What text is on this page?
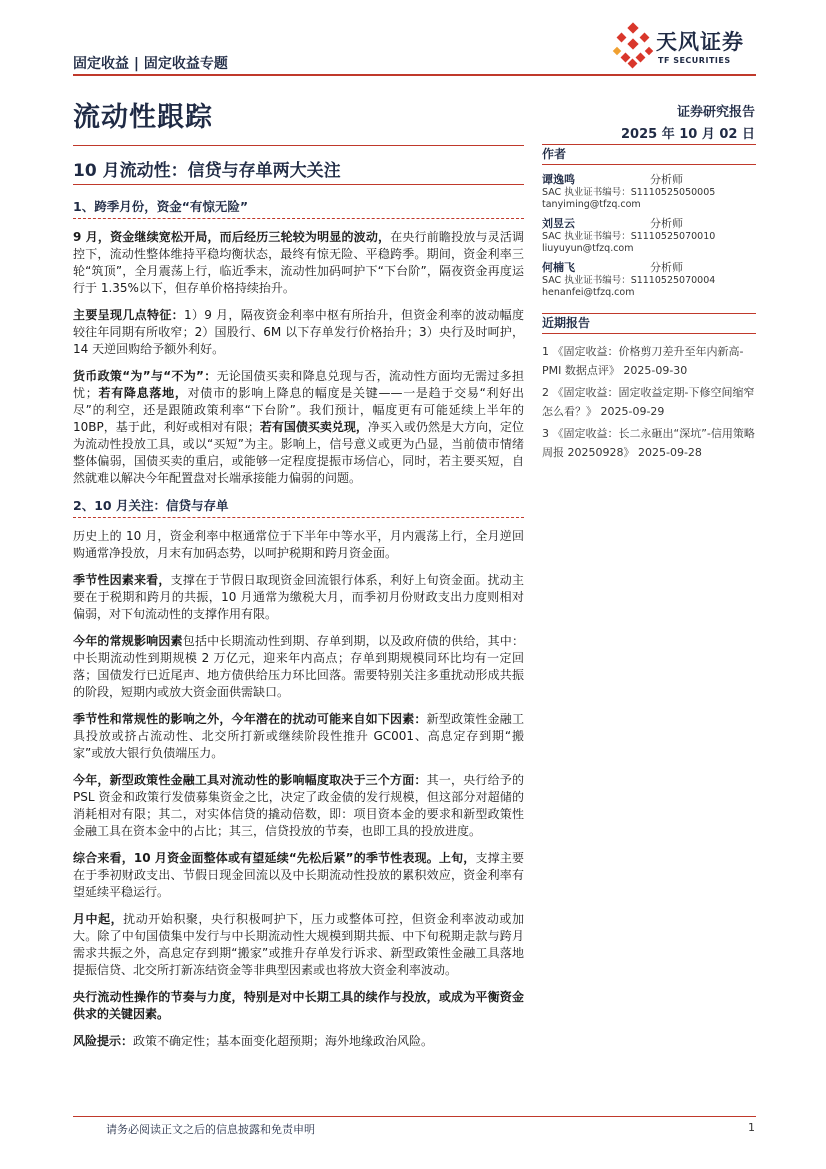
固定收益 | 固定收益专题
天风证券
TF SECURITIES
流动性跟踪	证券研究报告
2025 年 10 月 02 日
10 月流动性：信贷与存单两大关注
1、跨季月份，资金“有惊无险”

9 月，资金继续宽松开局，而后经历三轮较为明显的波动，在央行前瞻投放与灵活调控下，流动性整体维持平稳均衡状态，最终有惊无险、平稳跨季。期间，资金利率三轮“筑顶”，全月震荡上行，临近季末，流动性加码呵护下“下台阶”，隔夜资金再度运行于 1.35%以下，但存单价格持续抬升。

主要呈现几点特征：1）9 月，隔夜资金利率中枢有所抬升，但资金利率的波动幅度较往年同期有所收窄；2）国股行、6M 以下存单发行价格抬升；3）央行及时呵护，14 天逆回购给予额外利好。

货币政策“为”与“不为”：无论国债买卖和降息兑现与否，流动性方面均无需过多担忧；若有降息落地，对债市的影响上降息的幅度是关键——一是趋于交易“利好出尽”的利空，还是跟随政策利率“下台阶”。我们预计，幅度更有可能延续上半年的 10BP，基于此，利好或相对有限；若有国债买卖兑现，净买入或仍然是大方向，定位为流动性投放工具，或以“买短”为主。影响上，信号意义或更为凸显，当前债市情绪整体偏弱，国债买卖的重启，或能够一定程度提振市场信心，同时，若主要买短，自然就难以解决今年配置盘对长端承接能力偏弱的问题。

2、10 月关注：信贷与存单

历史上的 10 月，资金利率中枢通常位于下半年中等水平，月内震荡上行，全月逆回购通常净投放，月末有加码态势，以呵护税期和跨月资金面。

季节性因素来看，支撑在于节假日取现资金回流银行体系，利好上旬资金面。扰动主要在于税期和跨月的共振，10 月通常为缴税大月，而季初月份财政支出力度则相对偏弱，对下旬流动性的支撑作用有限。

今年的常规影响因素包括中长期流动性到期、存单到期，以及政府债的供给，其中：中长期流动性到期规模 2 万亿元，迎来年内高点；存单到期规模同环比均有一定回落；国债发行已近尾声、地方债供给压力环比回落。需要特别关注多重扰动形成共振的阶段，短期内或放大资金面供需缺口。

季节性和常规性的影响之外，今年潜在的扰动可能来自如下因素：新型政策性金融工具投放或挤占流动性、北交所打新或继续阶段性推升 GC001、高息定存到期“搬家”或放大银行负债端压力。

今年，新型政策性金融工具对流动性的影响幅度取决于三个方面：其一，央行给予的 PSL 资金和政策行发债募集资金之比，决定了政金债的发行规模，但这部分对超储的消耗相对有限；其二，对实体信贷的撬动倍数，即：项目资本金的要求和新型政策性金融工具在资本金中的占比；其三，信贷投放的节奏，也即工具的投放进度。

综合来看，10 月资金面整体或有望延续“先松后紧”的季节性表现。上旬，支撑主要在于季初财政支出、节假日现金回流以及中长期流动性投放的累积效应，资金利率有望延续平稳运行。

月中起，扰动开始积聚，央行积极呵护下，压力或整体可控，但资金利率波动或加大。除了中旬国债集中发行与中长期流动性大规模到期共振、中下旬税期走款与跨月需求共振之外，高息定存到期“搬家”或推升存单发行诉求、新型政策性金融工具落地提振信贷、北交所打新冻结资金等非典型因素或也将放大资金利率波动。

央行流动性操作的节奏与力度，特别是对中长期工具的续作与投放，或成为平衡资金供求的关键因素。

风险提示：政策不确定性；基本面变化超预期；海外地缘政治风险。

作者
谭逸鸣	分析师
SAC 执业证书编号：S1110525050005
tanyiming@tfzq.com
刘昱云	分析师
SAC 执业证书编号：S1110525070010
liuyuyun@tfzq.com
何楠飞	分析师
SAC 执业证书编号：S1110525070004
henanfei@tfzq.com
近期报告
1 《固定收益：价格剪刀差升至年内新高-PMI 数据点评》 2025-09-30
2 《固定收益：固定收益定期-下修空间缩窄怎么看？》 2025-09-29
3 《固定收益：长二永砸出“深坑”-信用策略周报 20250928》 2025-09-28
请务必阅读正文之后的信息披露和免责申明	1
